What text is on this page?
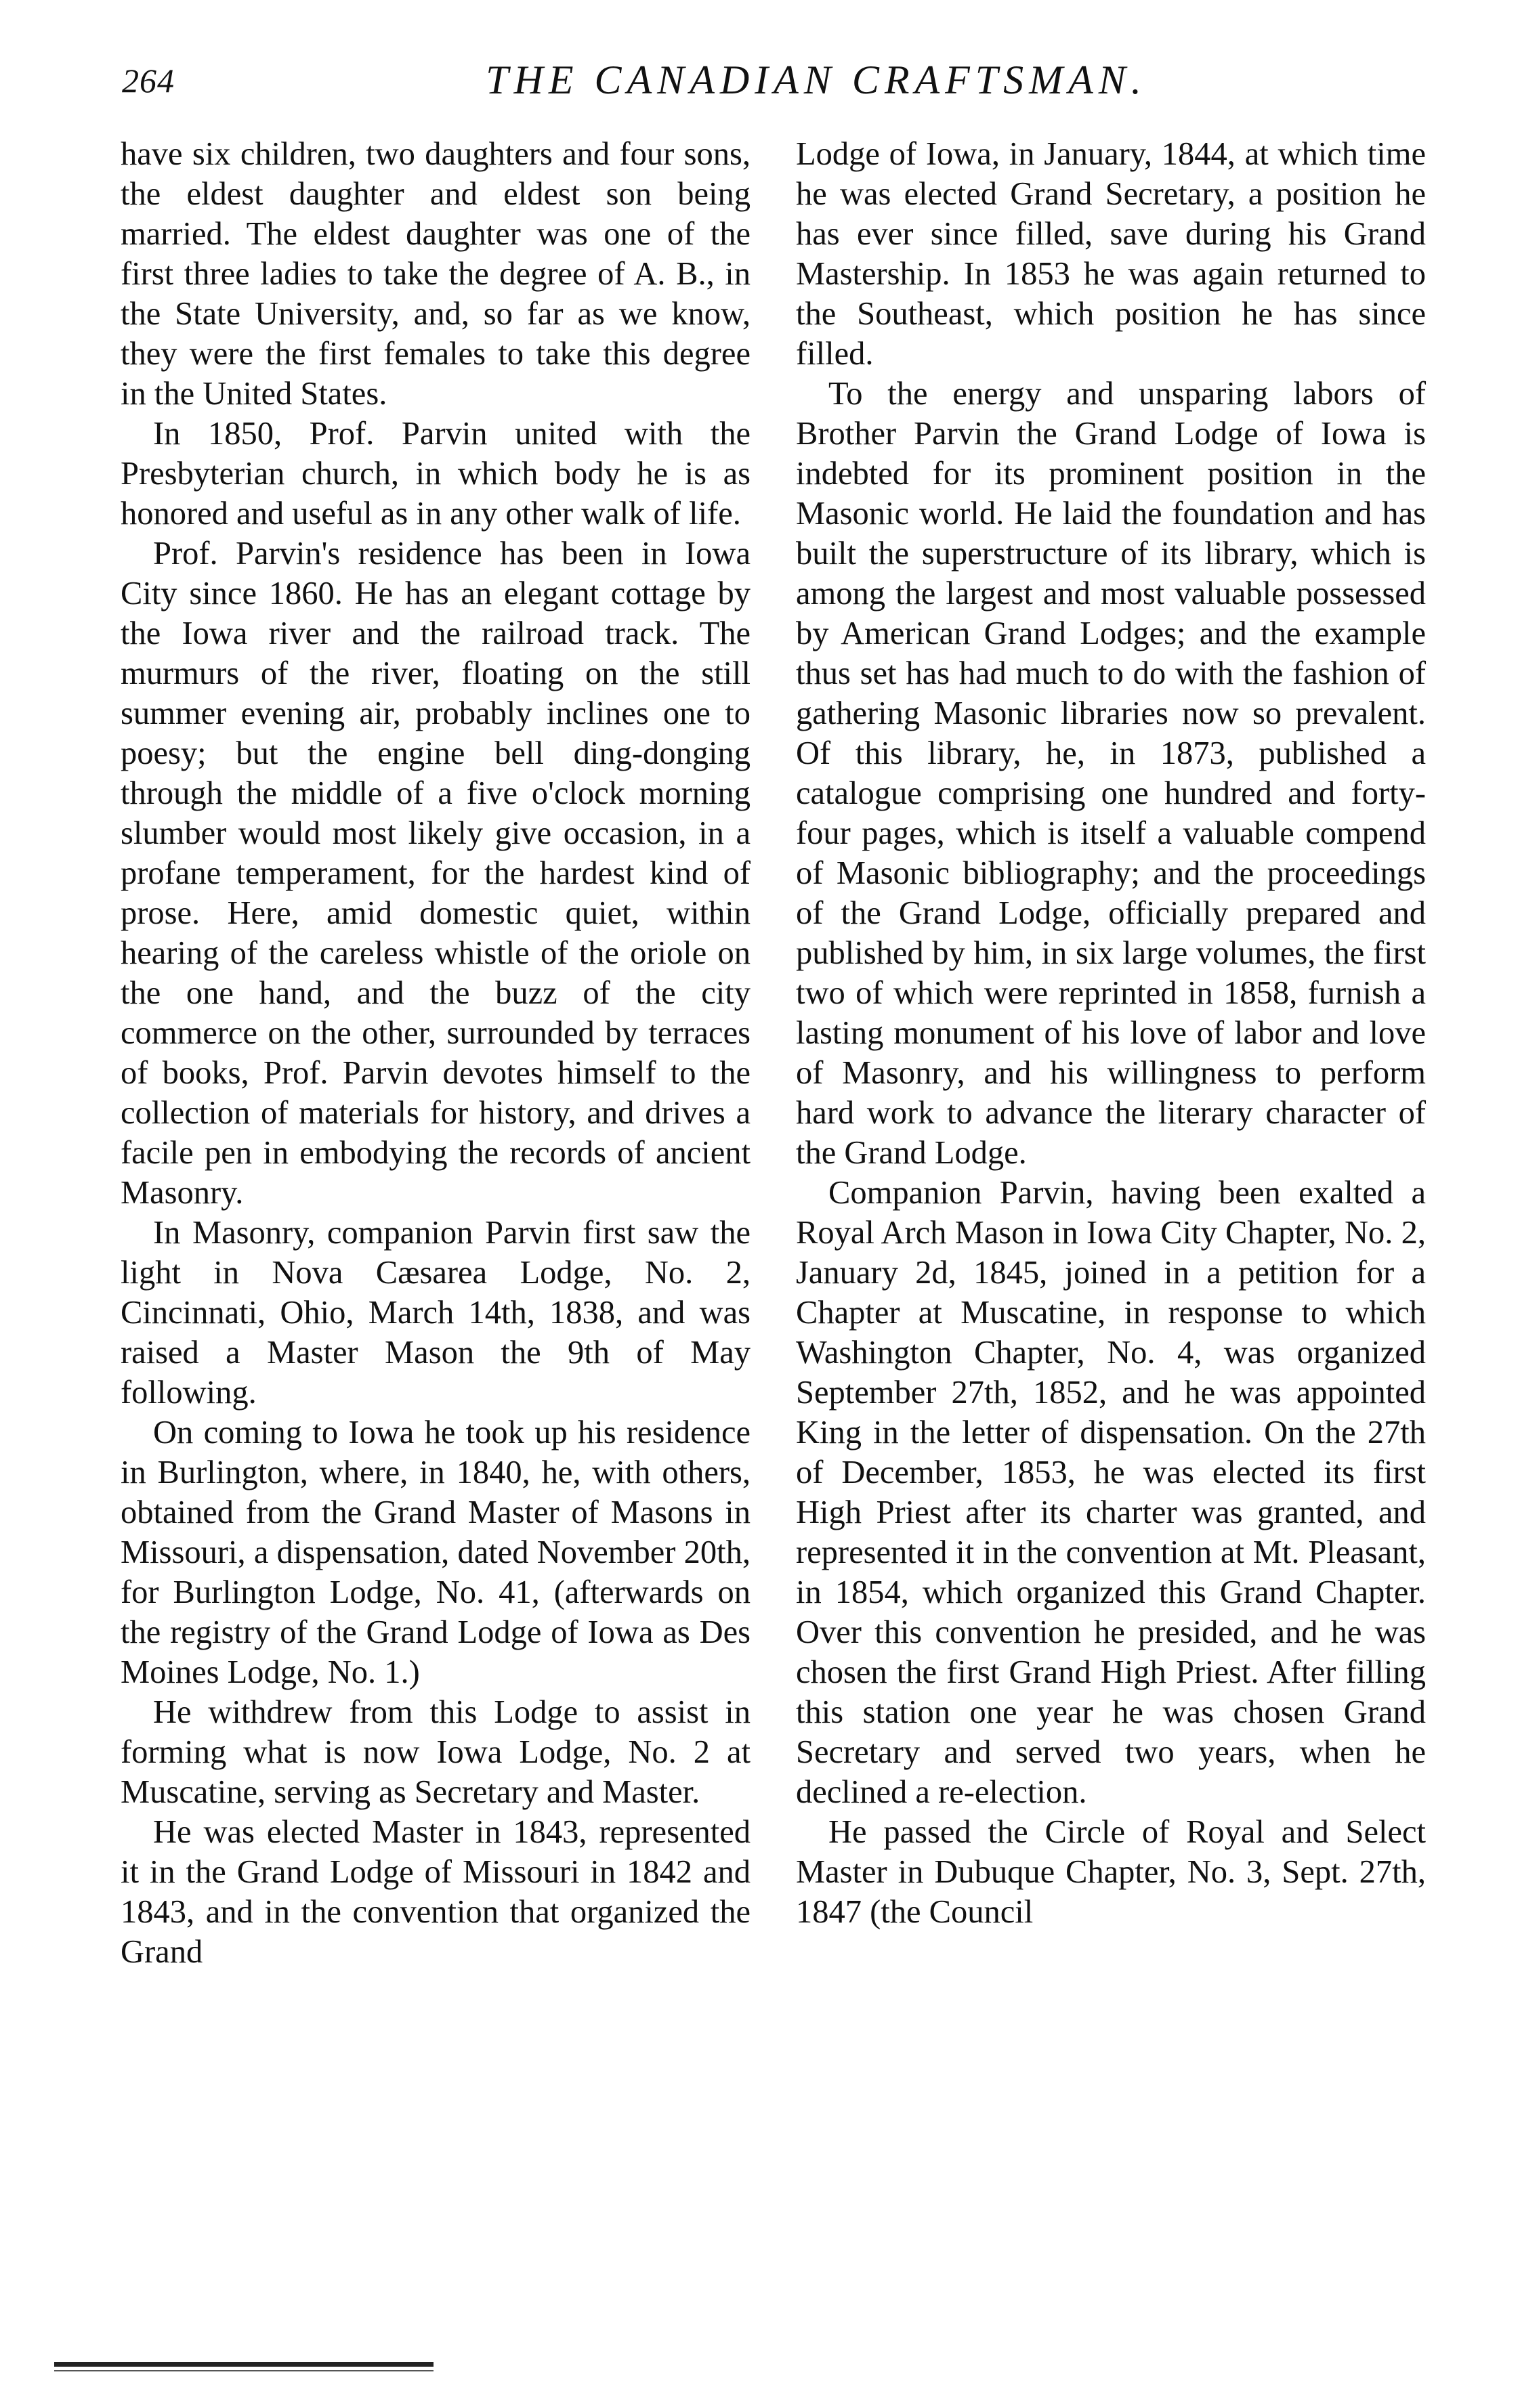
264	THE CANADIAN CRAFTSMAN.

have six children, two daughters and four sons, the eldest daughter and eldest son being married. The eldest daughter was one of the first three ladies to take the degree of A. B., in the State University, and, so far as we know, they were the first females to take this degree in the United States.

In 1850, Prof. Parvin united with the Presbyterian church, in which body he is as honored and useful as in any other walk of life.

Prof. Parvin's residence has been in Iowa City since 1860. He has an elegant cottage by the Iowa river and the railroad track. The murmurs of the river, floating on the still summer evening air, probably inclines one to poesy; but the engine bell ding-donging through the middle of a five o'clock morning slumber would most likely give occasion, in a profane temperament, for the hardest kind of prose. Here, amid domestic quiet, within hearing of the careless whistle of the oriole on the one hand, and the buzz of the city commerce on the other, surrounded by terraces of books, Prof. Parvin devotes himself to the collection of materials for history, and drives a facile pen in embodying the records of ancient Masonry.

In Masonry, companion Parvin first saw the light in Nova Cæsarea Lodge, No. 2, Cincinnati, Ohio, March 14th, 1838, and was raised a Master Mason the 9th of May following.

On coming to Iowa he took up his residence in Burlington, where, in 1840, he, with others, obtained from the Grand Master of Masons in Missouri, a dispensation, dated November 20th, for Burlington Lodge, No. 41, (afterwards on the registry of the Grand Lodge of Iowa as Des Moines Lodge, No. 1.)

He withdrew from this Lodge to assist in forming what is now Iowa Lodge, No. 2 at Muscatine, serving as Secretary and Master.

He was elected Master in 1843, represented it in the Grand Lodge of Missouri in 1842 and 1843, and in the convention that organized the Grand

Lodge of Iowa, in January, 1844, at which time he was elected Grand Secretary, a position he has ever since filled, save during his Grand Mastership. In 1853 he was again returned to the Southeast, which position he has since filled.

To the energy and unsparing labors of Brother Parvin the Grand Lodge of Iowa is indebted for its prominent position in the Masonic world. He laid the foundation and has built the superstructure of its library, which is among the largest and most valuable possessed by American Grand Lodges; and the example thus set has had much to do with the fashion of gathering Masonic libraries now so prevalent. Of this library, he, in 1873, published a catalogue comprising one hundred and forty-four pages, which is itself a valuable compend of Masonic bibliography; and the proceedings of the Grand Lodge, officially prepared and published by him, in six large volumes, the first two of which were reprinted in 1858, furnish a lasting monument of his love of labor and love of Masonry, and his willingness to perform hard work to advance the literary character of the Grand Lodge.

Companion Parvin, having been exalted a Royal Arch Mason in Iowa City Chapter, No. 2, January 2d, 1845, joined in a petition for a Chapter at Muscatine, in response to which Washington Chapter, No. 4, was organized September 27th, 1852, and he was appointed King in the letter of dispensation. On the 27th of December, 1853, he was elected its first High Priest after its charter was granted, and represented it in the convention at Mt. Pleasant, in 1854, which organized this Grand Chapter. Over this convention he presided, and he was chosen the first Grand High Priest. After filling this station one year he was chosen Grand Secretary and served two years, when he declined a re-election.

He passed the Circle of Royal and Select Master in Dubuque Chapter, No. 3, Sept. 27th, 1847 (the Council
